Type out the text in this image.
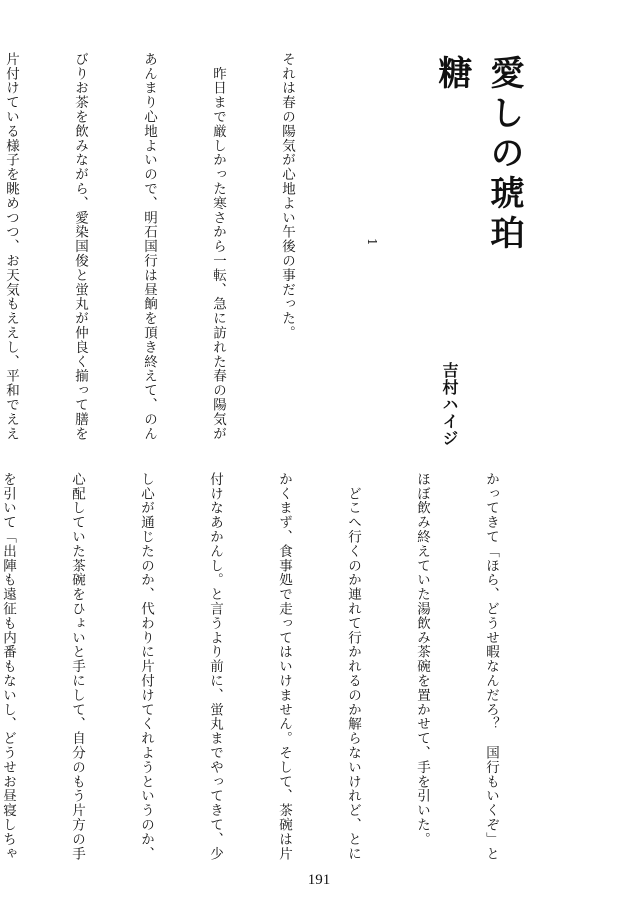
愛しの琥珀糖
1
吉村ハイジ

それは春の陽気が心地よい午後の事だった。

　昨日まで厳しかった寒さから一転、急に訪れた春の陽気が

あんまり心地よいので、明石国行は昼餉を頂き終えて、のん

びりお茶を飲みながら、愛染国俊と蛍丸が仲良く揃って膳を

片付けている様子を眺めつつ、お天気もええし、平和でええ

かってきて「ほら、どうせ暇なんだろ？　国行もいくぞ」と

ほぼ飲み終えていた湯飲み茶碗を置かせて、手を引いた。

　どこへ行くのか連れて行かれるのか解らないけれど、とに

かくまず、食事処で走ってはいけません。そして、茶碗は片

付けなあかんし。と言うより前に、蛍丸までやってきて、少

し心が通じたのか、代わりに片付けてくれようというのか、

心配していた茶碗をひょいと手にして、自分のもう片方の手

を引いて「出陣も遠征も内番もないし、どうせお昼寝しちゃ

191
